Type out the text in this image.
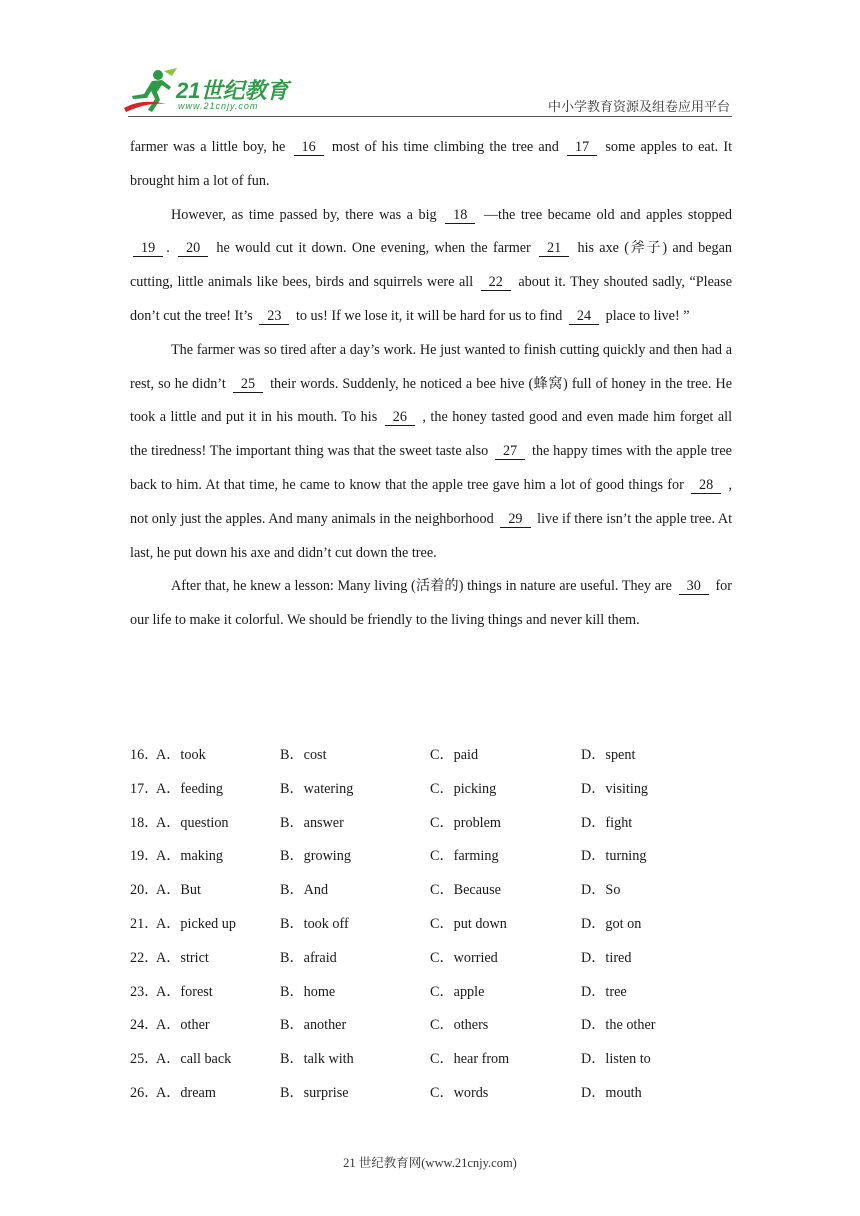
21世纪教育
www.21cnjy.com	中小学教育资源及组卷应用平台

farmer was a little boy, he 16 most of his time climbing the tree and 17 some apples to eat. It brought him a lot of fun.

However, as time passed by, there was a big 18 —the tree became old and apples stopped 19 . 20 he would cut it down. One evening, when the farmer 21 his axe (斧子) and began cutting, little animals like bees, birds and squirrels were all 22 about it. They shouted sadly, “Please don’t cut the tree! It’s 23 to us! If we lose it, it will be hard for us to find 24 place to live! ”

The farmer was so tired after a day’s work. He just wanted to finish cutting quickly and then had a rest, so he didn’t 25 their words. Suddenly, he noticed a bee hive (蜂窝) full of honey in the tree. He took a little and put it in his mouth. To his 26 , the honey tasted good and even made him forget all the tiredness! The important thing was that the sweet taste also 27 the happy times with the apple tree back to him. At that time, he came to know that the apple tree gave him a lot of good things for 28 , not only just the apples. And many animals in the neighborhood 29 live if there isn’t the apple tree. At last, he put down his axe and didn’t cut down the tree.

After that, he knew a lesson: Many living (活着的) things in nature are useful. They are 30 for our life to make it colorful. We should be friendly to the living things and never kill them.

16．
A．took	B．cost	C．paid	D．spent
17．
A．feeding	B．watering	C．picking	D．visiting
18．
A．question	B．answer	C．problem	D．fight
19．
A．making	B．growing	C．farming	D．turning
20．
A．But	B．And	C．Because	D．So
21．
A．picked up	B．took off	C．put down	D．got on
22．
A．strict	B．afraid	C．worried	D．tired
23．
A．forest	B．home	C．apple	D．tree
24．
A．other	B．another	C．others	D．the other
25．
A．call back	B．talk with	C．hear from	D．listen to
26．
A．dream	B．surprise	C．words	D．mouth
21 世纪教育网(www.21cnjy.com)
